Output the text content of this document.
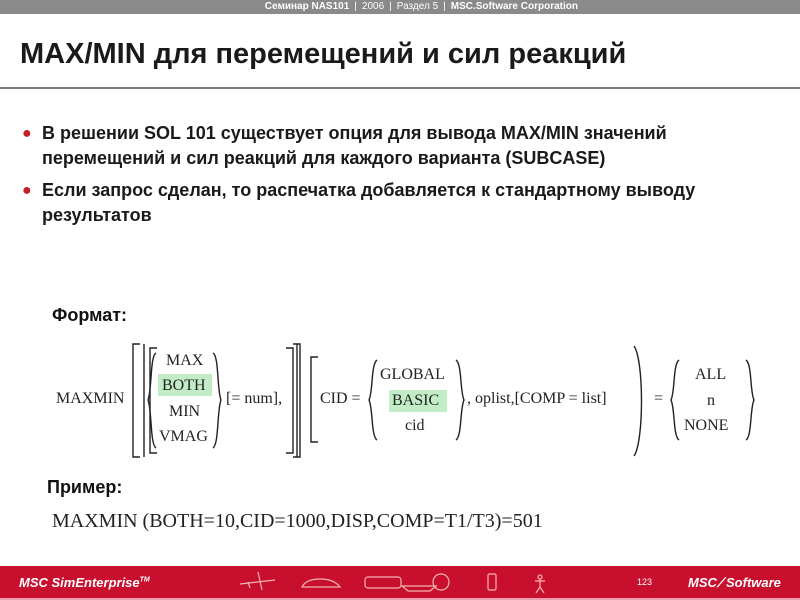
Семинар NAS101 | 2006 | Раздел 5 | MSC.Software Corporation
MAX/MIN для перемещений и сил реакций
● В решении SOL 101 существует опция для вывода MAX/MIN значений перемещений и сил реакций для каждого варианта (SUBCASE)
● Если запрос сделан, то распечатка добавляется к стандартному выводу результатов
Формат:
MAXMIN
MAX
BOTH
MIN
VMAG
[= num], CID =
GLOBAL
BASIC
cid
, oplist,[COMP = list]	=
ALL
n
NONE
Пример:
MAXMIN (BOTH=10,CID=1000,DISP,COMP=T1/T3)=501
MSC SimEnterprise™	123	MSC⟋Software
